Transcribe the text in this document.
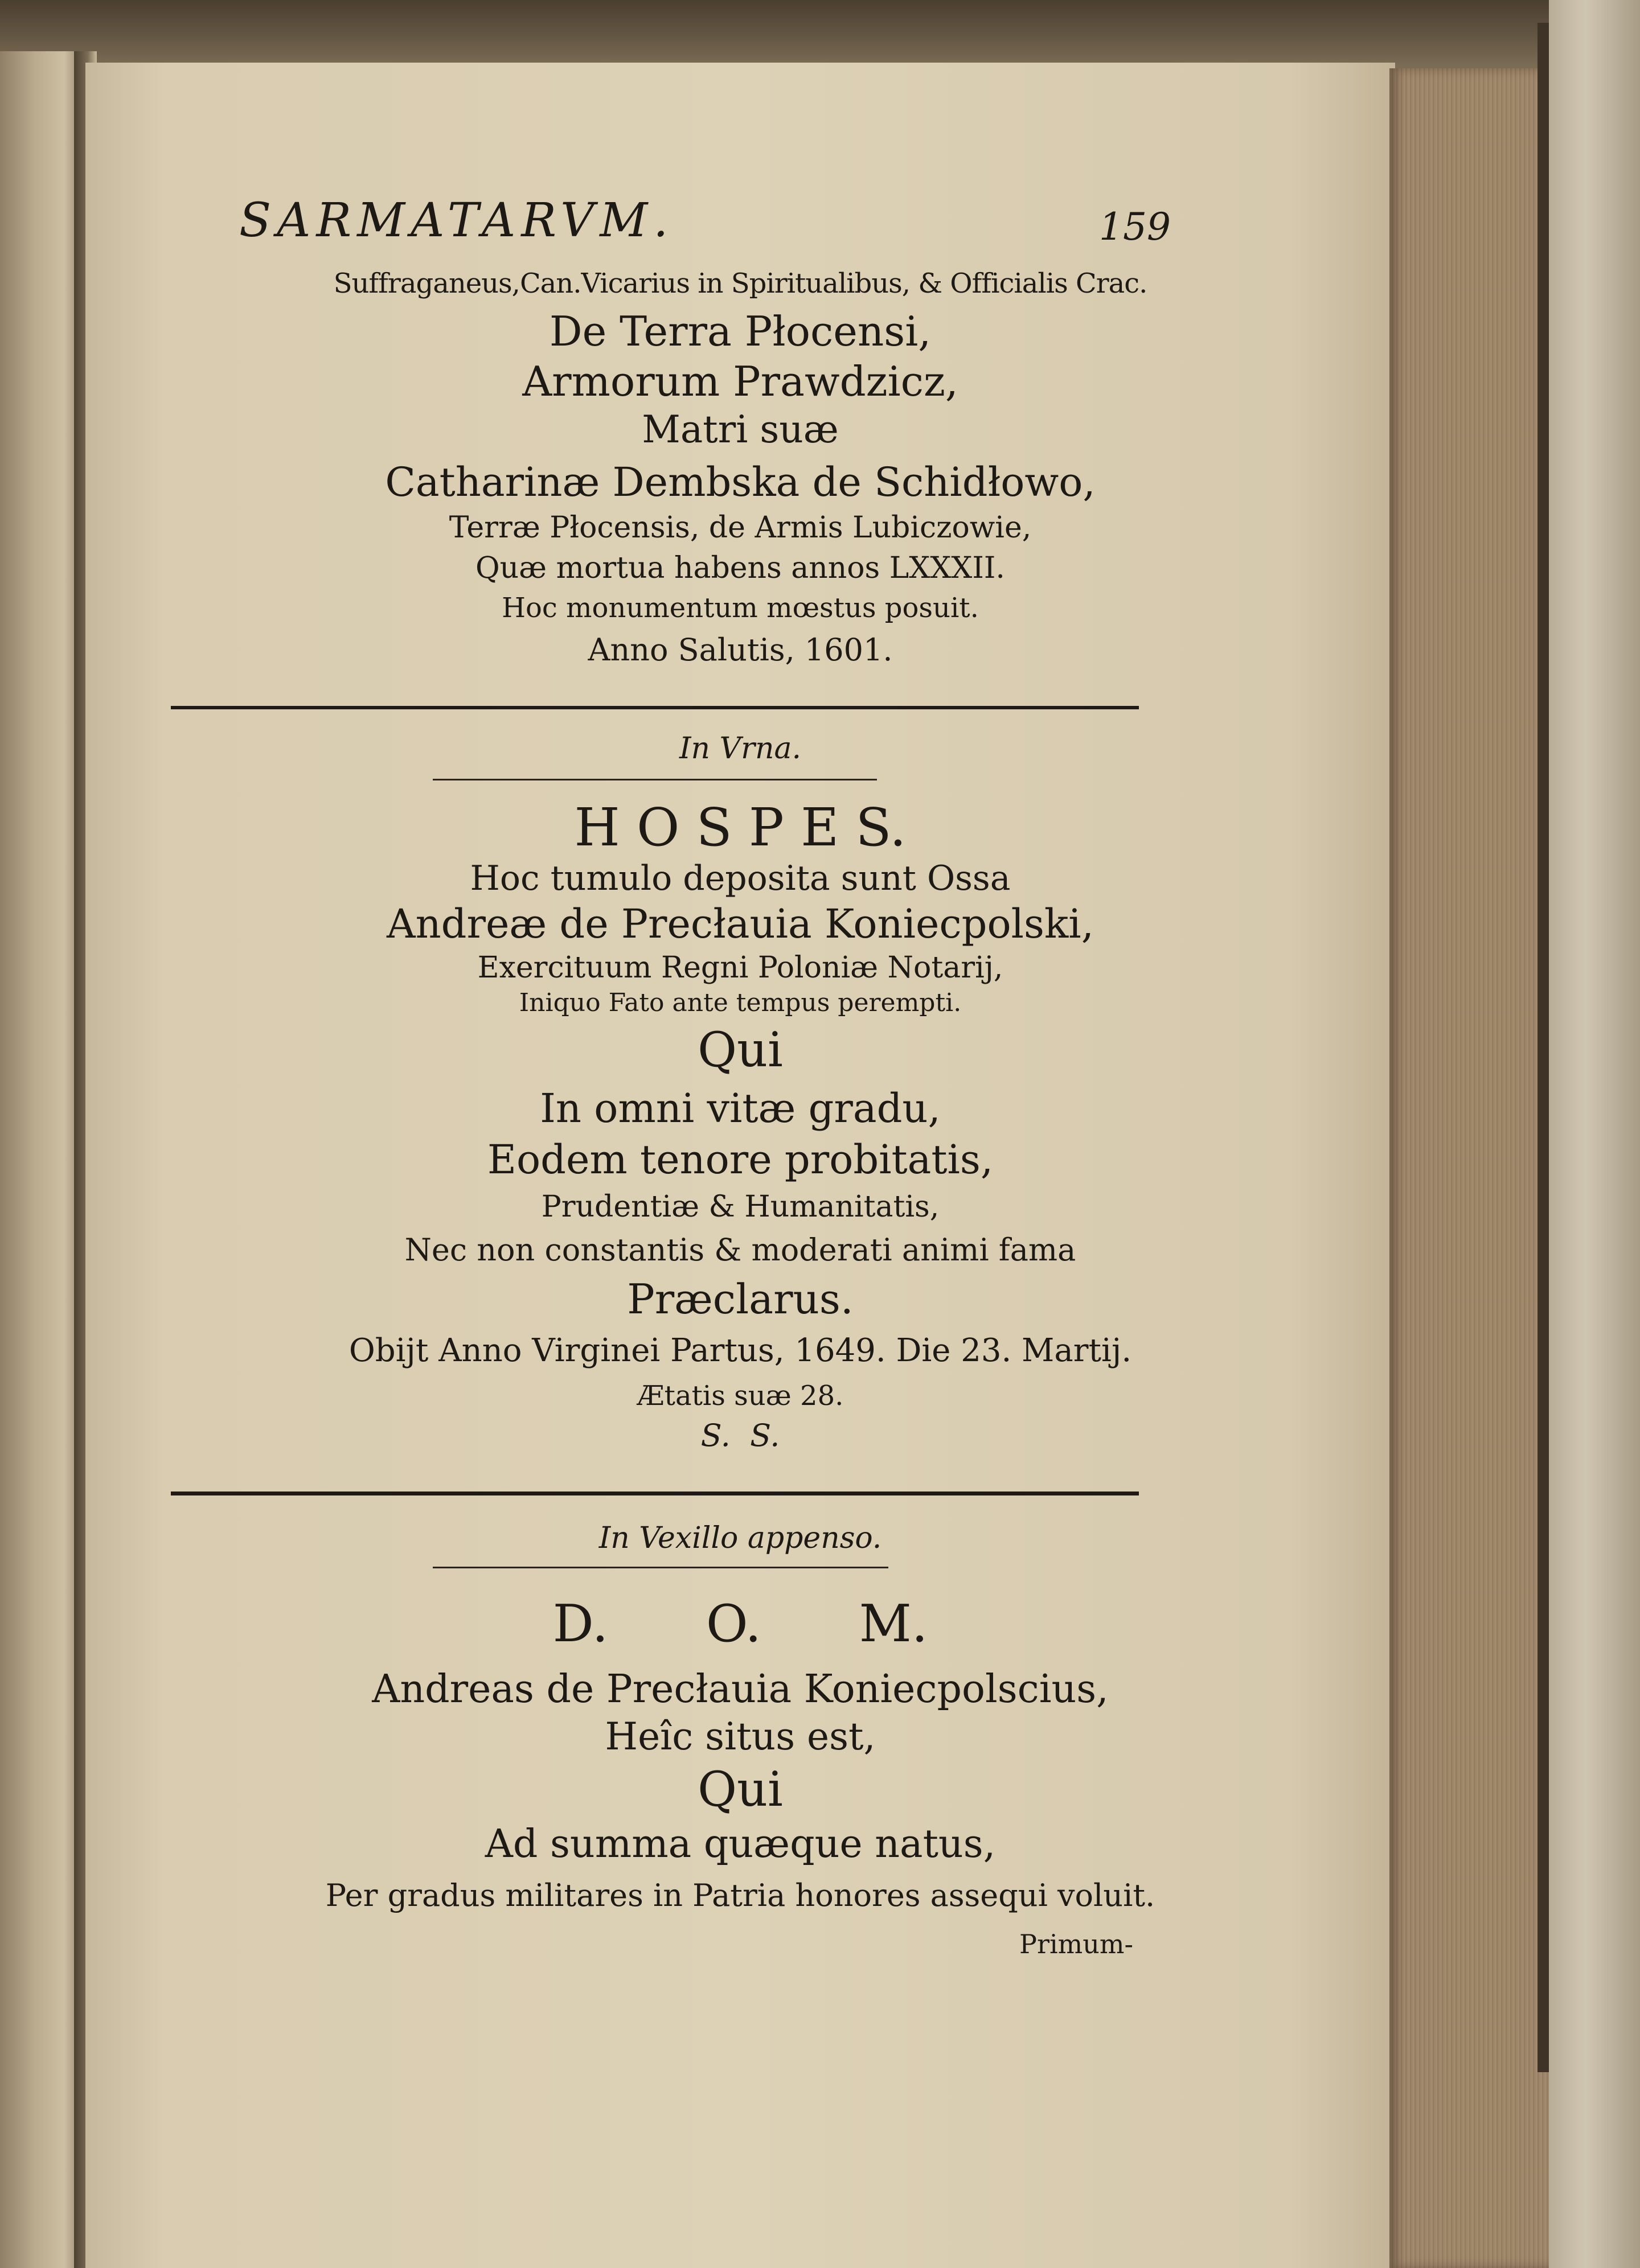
SARMATARVM.	159
Suffraganeus,Can.Vicarius in Spiritualibus, & Officialis Crac.
De Terra Płocensi,
Armorum Prawdzicz,
Matri suæ
Catharinæ Dembska de Schidłowo,
Terræ Płocensis, de Armis Lubiczowie,
Quæ mortua habens annos LXXXII.
Hoc monumentum mœstus posuit.
Anno Salutis, 1601.
In Vrna.
H O S P E S.
Hoc tumulo deposita sunt Ossa
Andreæ de Precłauia Koniecpolski,
Exercituum Regni Poloniæ Notarij,
Iniquo Fato ante tempus perempti.
Qui
In omni vitæ gradu,
Eodem tenore probitatis,
Prudentiæ & Humanitatis,
Nec non constantis & moderati animi fama
Præclarus.
Obijt Anno Virginei Partus, 1649. Die 23. Martij.
Ætatis suæ 28.
S.  S.
In Vexillo appenso.
D.      O.      M.
Andreas de Precłauia Koniecpolscius,
Heîc situs est,
Qui
Ad summa quæque natus,
Per gradus militares in Patria honores assequi voluit.
Primum-
